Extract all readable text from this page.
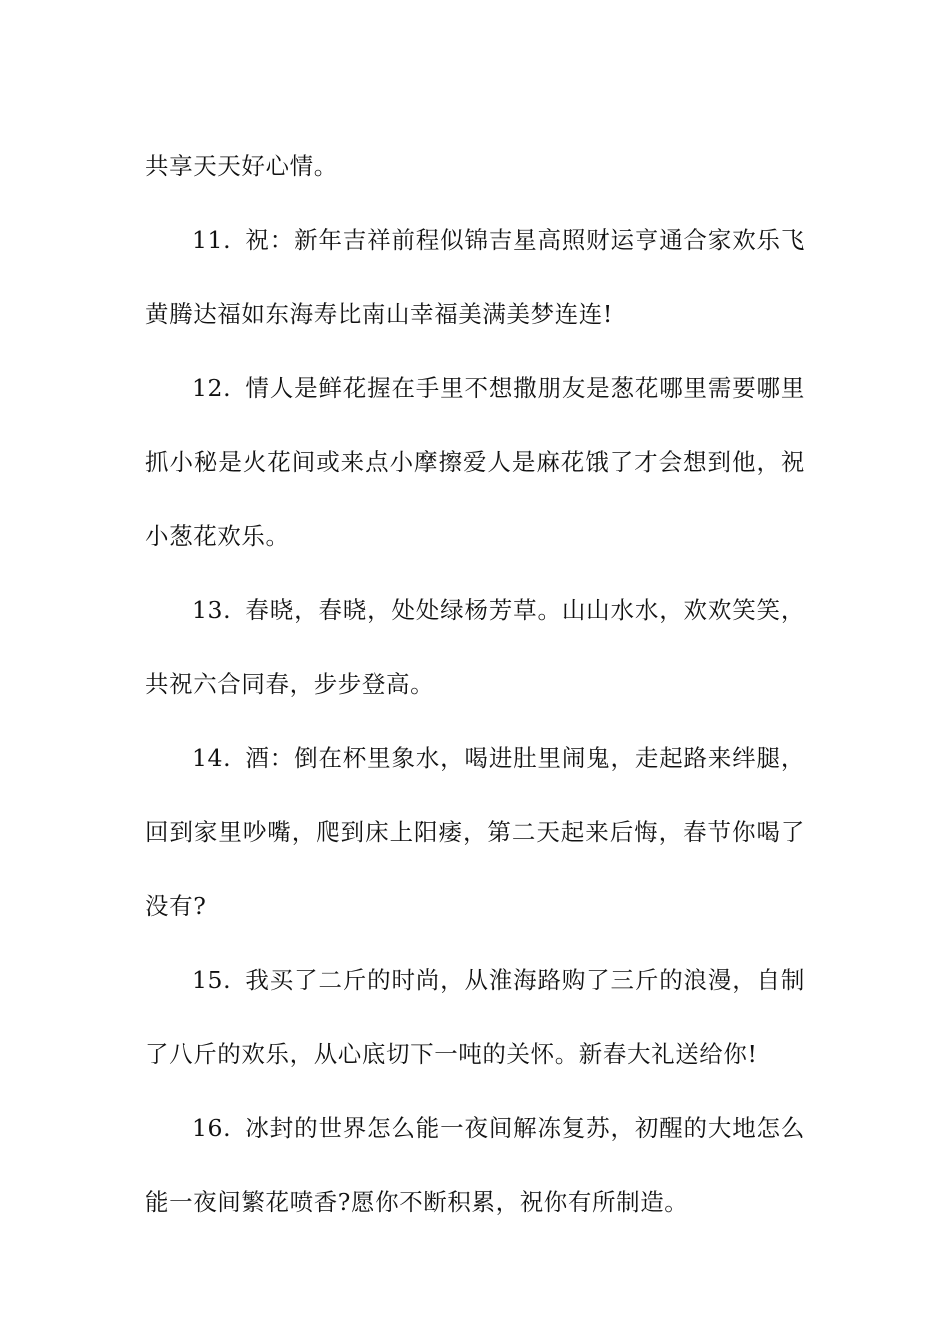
共享天天好心情。

11. 祝：新年吉祥前程似锦吉星高照财运亨通合家欢乐飞黄腾达福如东海寿比南山幸福美满美梦连连!

12. 情人是鲜花握在手里不想撒朋友是葱花哪里需要哪里抓小秘是火花间或来点小摩擦爱人是麻花饿了才会想到他，祝小葱花欢乐。

13. 春晓，春晓，处处绿杨芳草。山山水水，欢欢笑笑，共祝六合同春，步步登高。

14. 酒：倒在杯里象水，喝进肚里闹鬼，走起路来绊腿，回到家里吵嘴，爬到床上阳痿，第二天起来后悔，春节你喝了没有?

15. 我买了二斤的时尚，从淮海路购了三斤的浪漫，自制了八斤的欢乐，从心底切下一吨的关怀。新春大礼送给你!

16. 冰封的世界怎么能一夜间解冻复苏，初醒的大地怎么能一夜间繁花喷香?愿你不断积累，祝你有所制造。
